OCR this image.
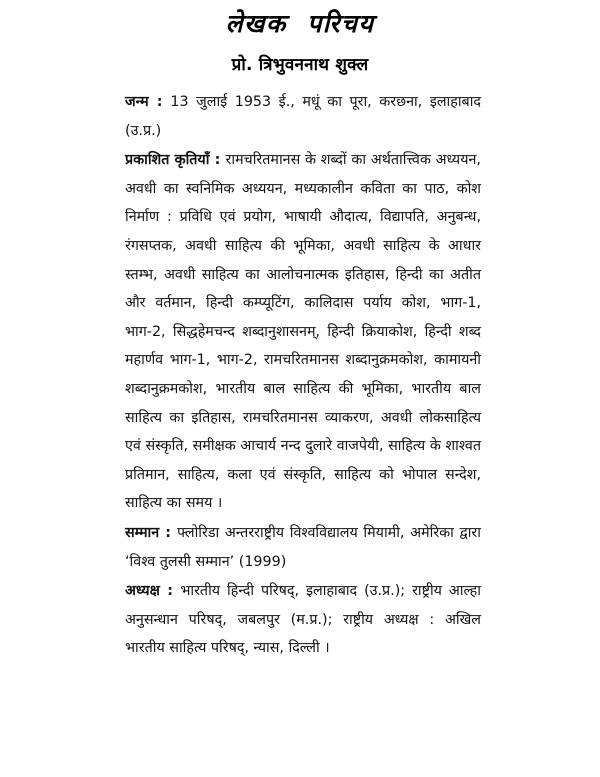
लेखक  परिचय
प्रो. त्रिभुवननाथ शुक्ल

जन्म : 13 जुलाई 1953 ई., मधूं का पूरा, करछना, इलाहाबाद (उ.प्र.)

प्रकाशित कृतियाँ : रामचरितमानस के शब्दों का अर्थतात्त्विक अध्ययन, अवधी का स्वनिमिक अध्ययन, मध्यकालीन कविता का पाठ, कोश निर्माण : प्रविधि एवं प्रयोग, भाषायी औदात्य, विद्यापति, अनुबन्ध, रंगसप्तक, अवधी साहित्य की भूमिका, अवधी साहित्य के आधार स्तम्भ, अवधी साहित्य का आलोचनात्मक इतिहास, हिन्दी का अतीत और वर्तमान, हिन्दी कम्प्यूटिंग, कालिदास पर्याय कोश, भाग-1, भाग-2, सिद्धहेमचन्द शब्दानुशासनम्, हिन्दी क्रियाकोश, हिन्दी शब्द महार्णव भाग-1, भाग-2, रामचरितमानस शब्दानुक्रमकोश, कामायनी शब्दानुक्रमकोश, भारतीय बाल साहित्य की भूमिका, भारतीय बाल साहित्य का इतिहास, रामचरितमानस व्याकरण, अवधी लोकसाहित्य एवं संस्कृति, समीक्षक आचार्य नन्द दुलारे वाजपेयी, साहित्य के शाश्वत प्रतिमान, साहित्य, कला एवं संस्कृति, साहित्य को भोपाल सन्देश, साहित्य का समय ।

सम्मान : फ्लोरिडा अन्तरराष्ट्रीय विश्वविद्यालय मियामी, अमेरिका द्वारा ‘विश्व तुलसी सम्मान’ (1999)

अध्यक्ष : भारतीय हिन्दी परिषद्, इलाहाबाद (उ.प्र.); राष्ट्रीय आल्हा अनुसन्धान परिषद्, जबलपुर (म.प्र.); राष्ट्रीय अध्यक्ष : अखिल भारतीय साहित्य परिषद्, न्यास, दिल्ली ।
